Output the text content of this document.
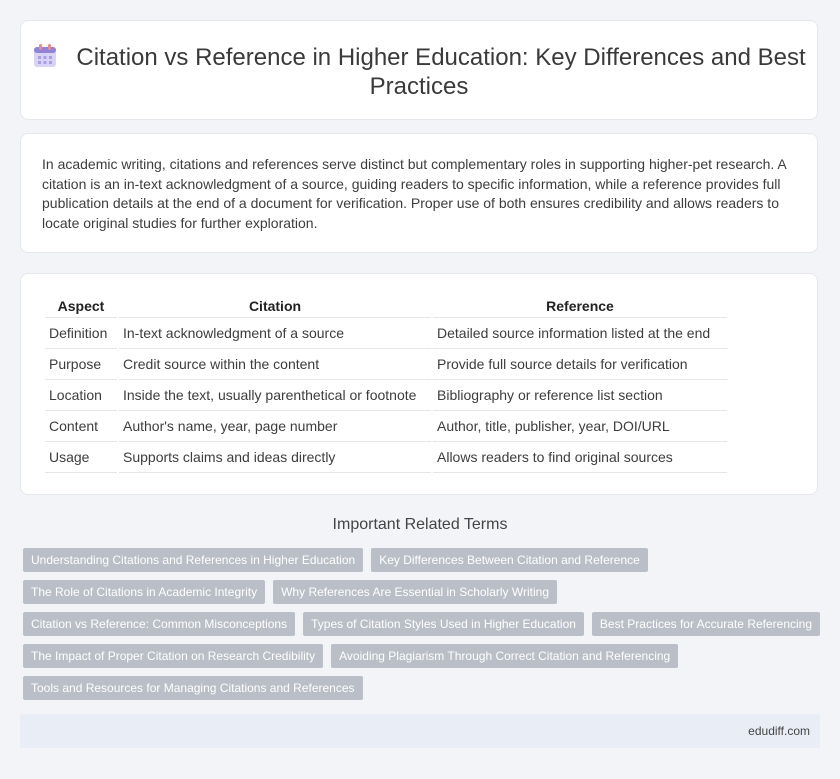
Citation vs Reference in Higher Education: Key Differences and Best Practices

In academic writing, citations and references serve distinct but complementary roles in supporting higher-pet research. A citation is an in-text acknowledgment of a source, guiding readers to specific information, while a reference provides full publication details at the end of a document for verification. Proper use of both ensures credibility and allows readers to locate original studies for further exploration.

Aspect	Citation	Reference
Definition	In-text acknowledgment of a source	Detailed source information listed at the end
Purpose	Credit source within the content	Provide full source details for verification
Location	Inside the text, usually parenthetical or footnote	Bibliography or reference list section
Content	Author's name, year, page number	Author, title, publisher, year, DOI/URL
Usage	Supports claims and ideas directly	Allows readers to find original sources
Important Related Terms
Understanding Citations and References in Higher Education	Key Differences Between Citation and Reference
The Role of Citations in Academic Integrity	Why References Are Essential in Scholarly Writing
Citation vs Reference: Common Misconceptions	Types of Citation Styles Used in Higher Education	Best Practices for Accurate Referencing
The Impact of Proper Citation on Research Credibility	Avoiding Plagiarism Through Correct Citation and Referencing
Tools and Resources for Managing Citations and References
edudiff.com
